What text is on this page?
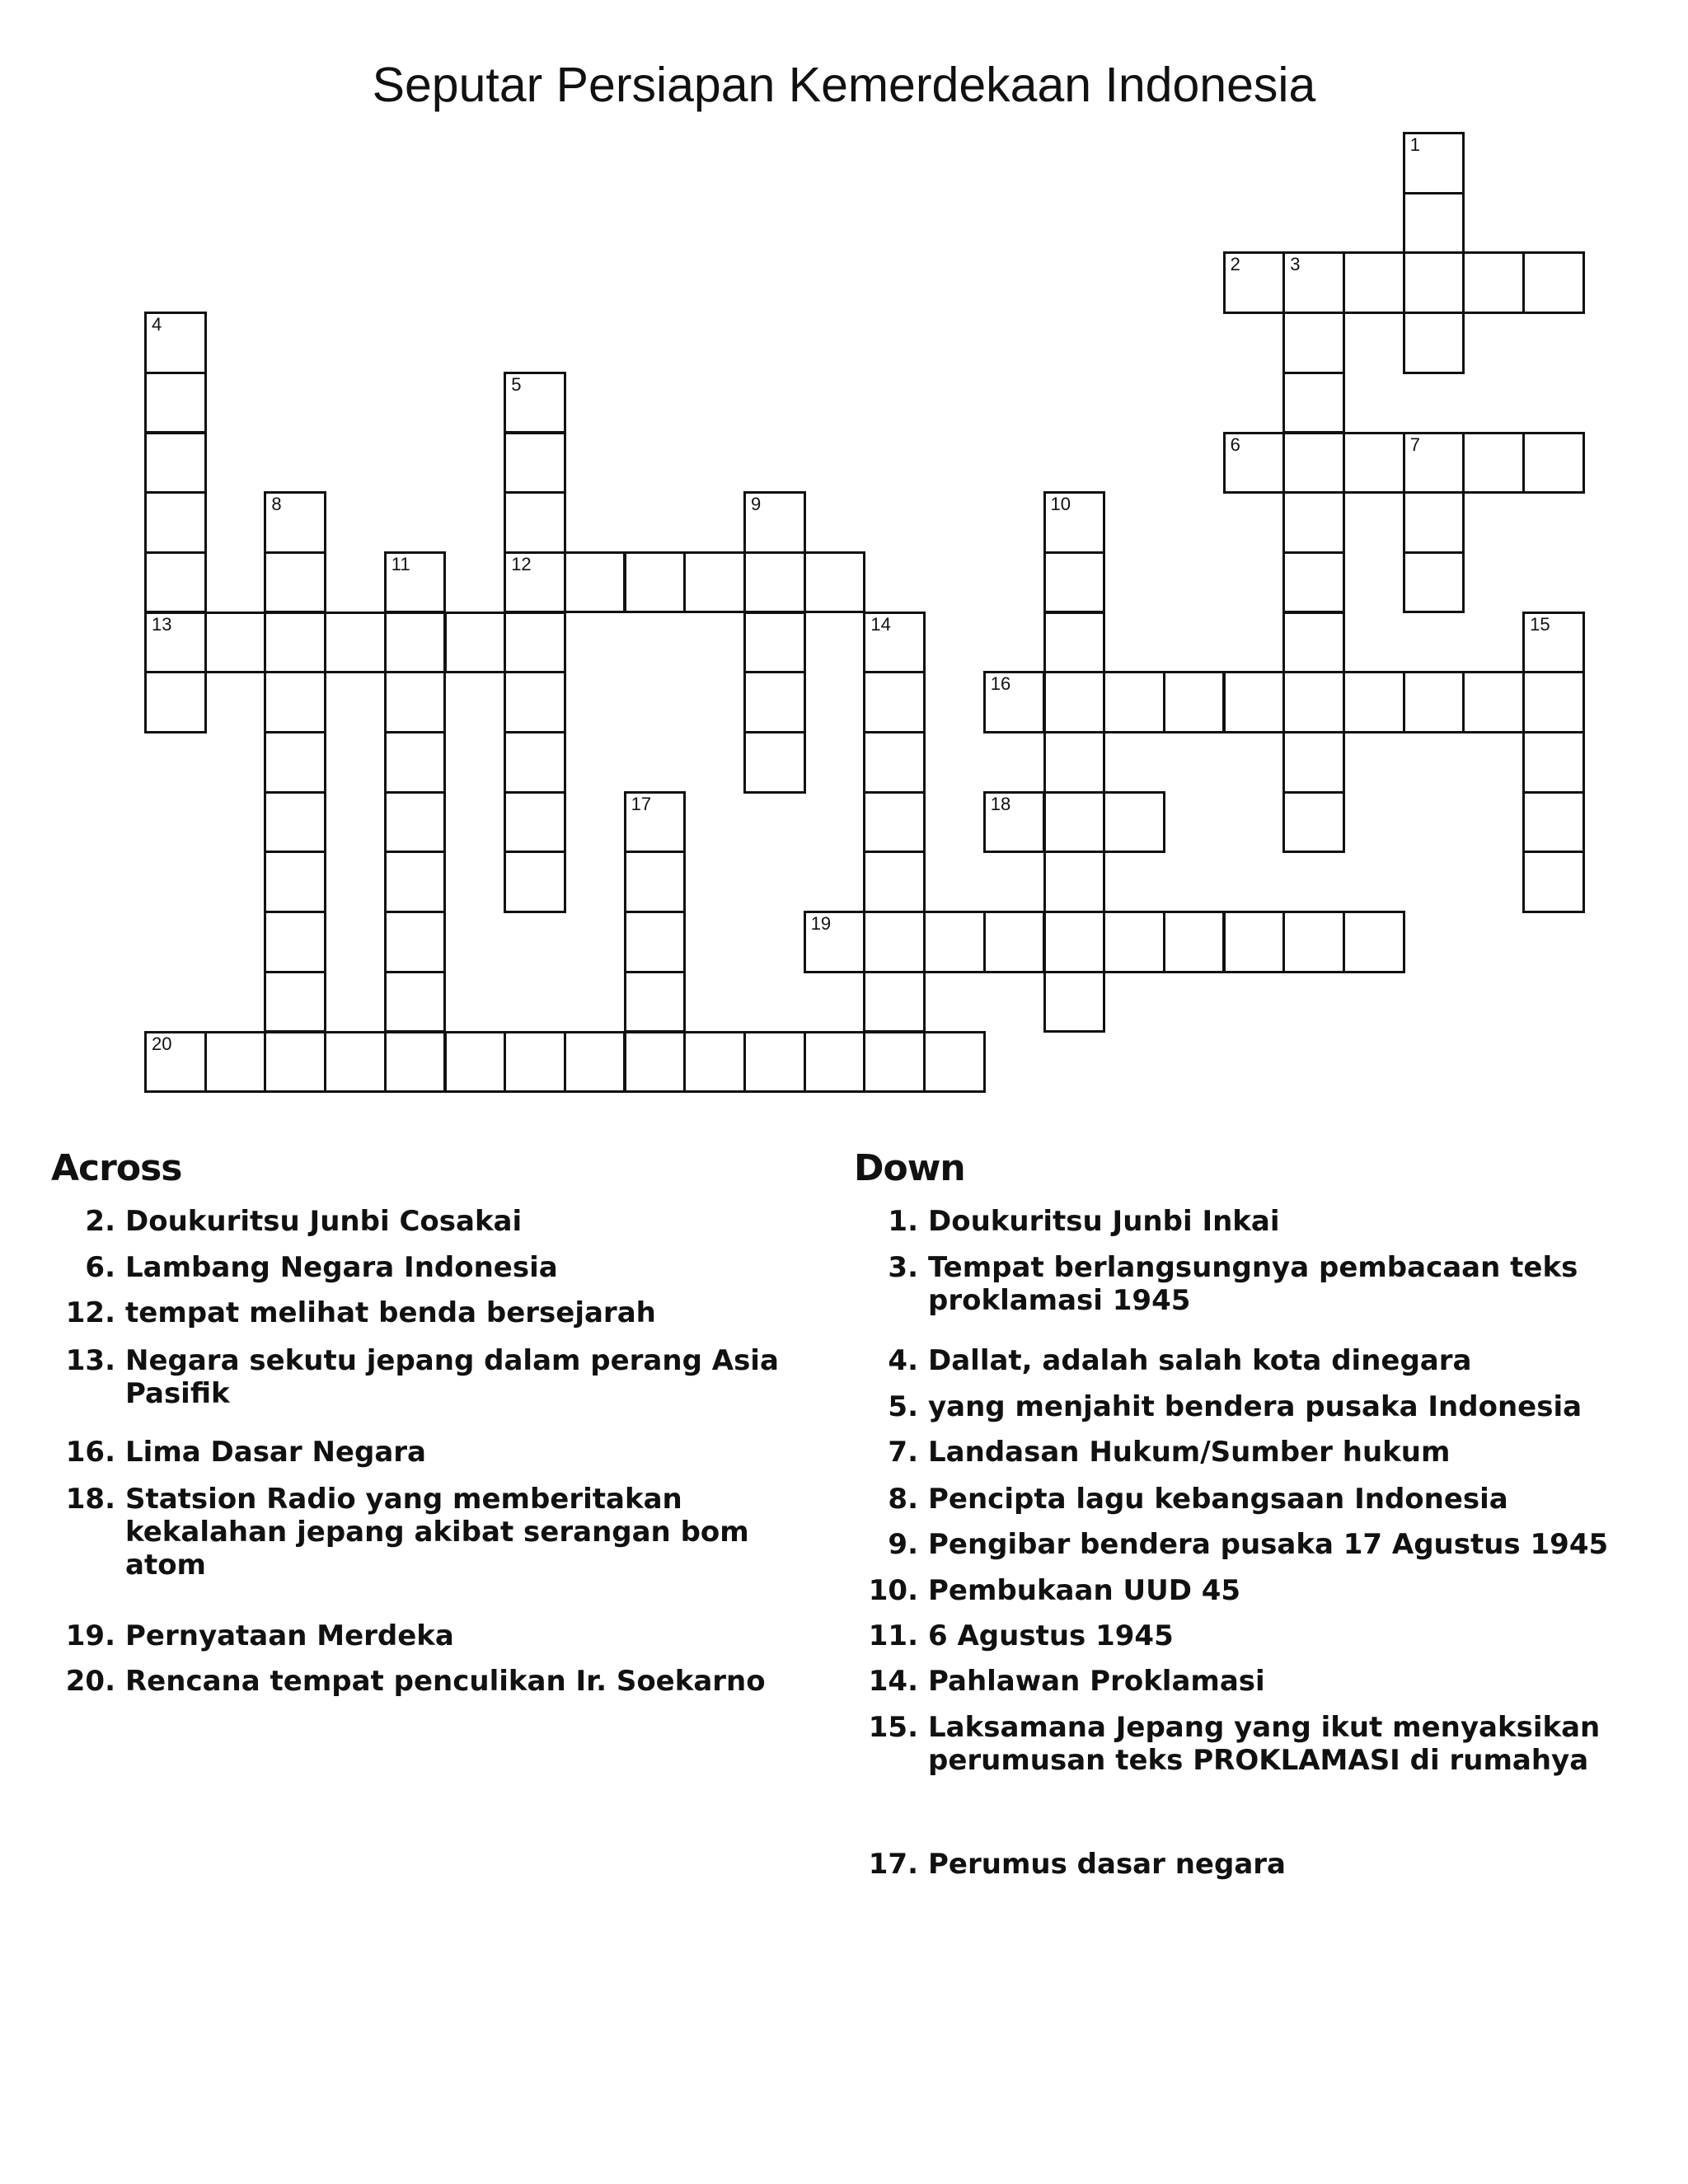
Seputar Persiapan Kemerdekaan Indonesia
1
2	3
4
5
6	7
8	9	10
11	12
13	14	15
16
17	18
19
20
Across
2. Doukuritsu Junbi Cosakai
6. Lambang Negara Indonesia
12. tempat melihat benda bersejarah
13. Negara sekutu jepang dalam perang Asia Pasifik
16. Lima Dasar Negara
18. Statsion Radio yang memberitakan kekalahan jepang akibat serangan bom atom
19. Pernyataan Merdeka
20. Rencana tempat penculikan Ir. Soekarno
Down
1. Doukuritsu Junbi Inkai
3. Tempat berlangsungnya pembacaan teks proklamasi 1945
4. Dallat, adalah salah kota dinegara
5. yang menjahit bendera pusaka Indonesia
7. Landasan Hukum/Sumber hukum
8. Pencipta lagu kebangsaan Indonesia
9. Pengibar bendera pusaka 17 Agustus 1945
10. Pembukaan UUD 45
11. 6 Agustus 1945
14. Pahlawan Proklamasi
15. Laksamana Jepang yang ikut menyaksikan perumusan teks PROKLAMASI di rumahya
17. Perumus dasar negara
